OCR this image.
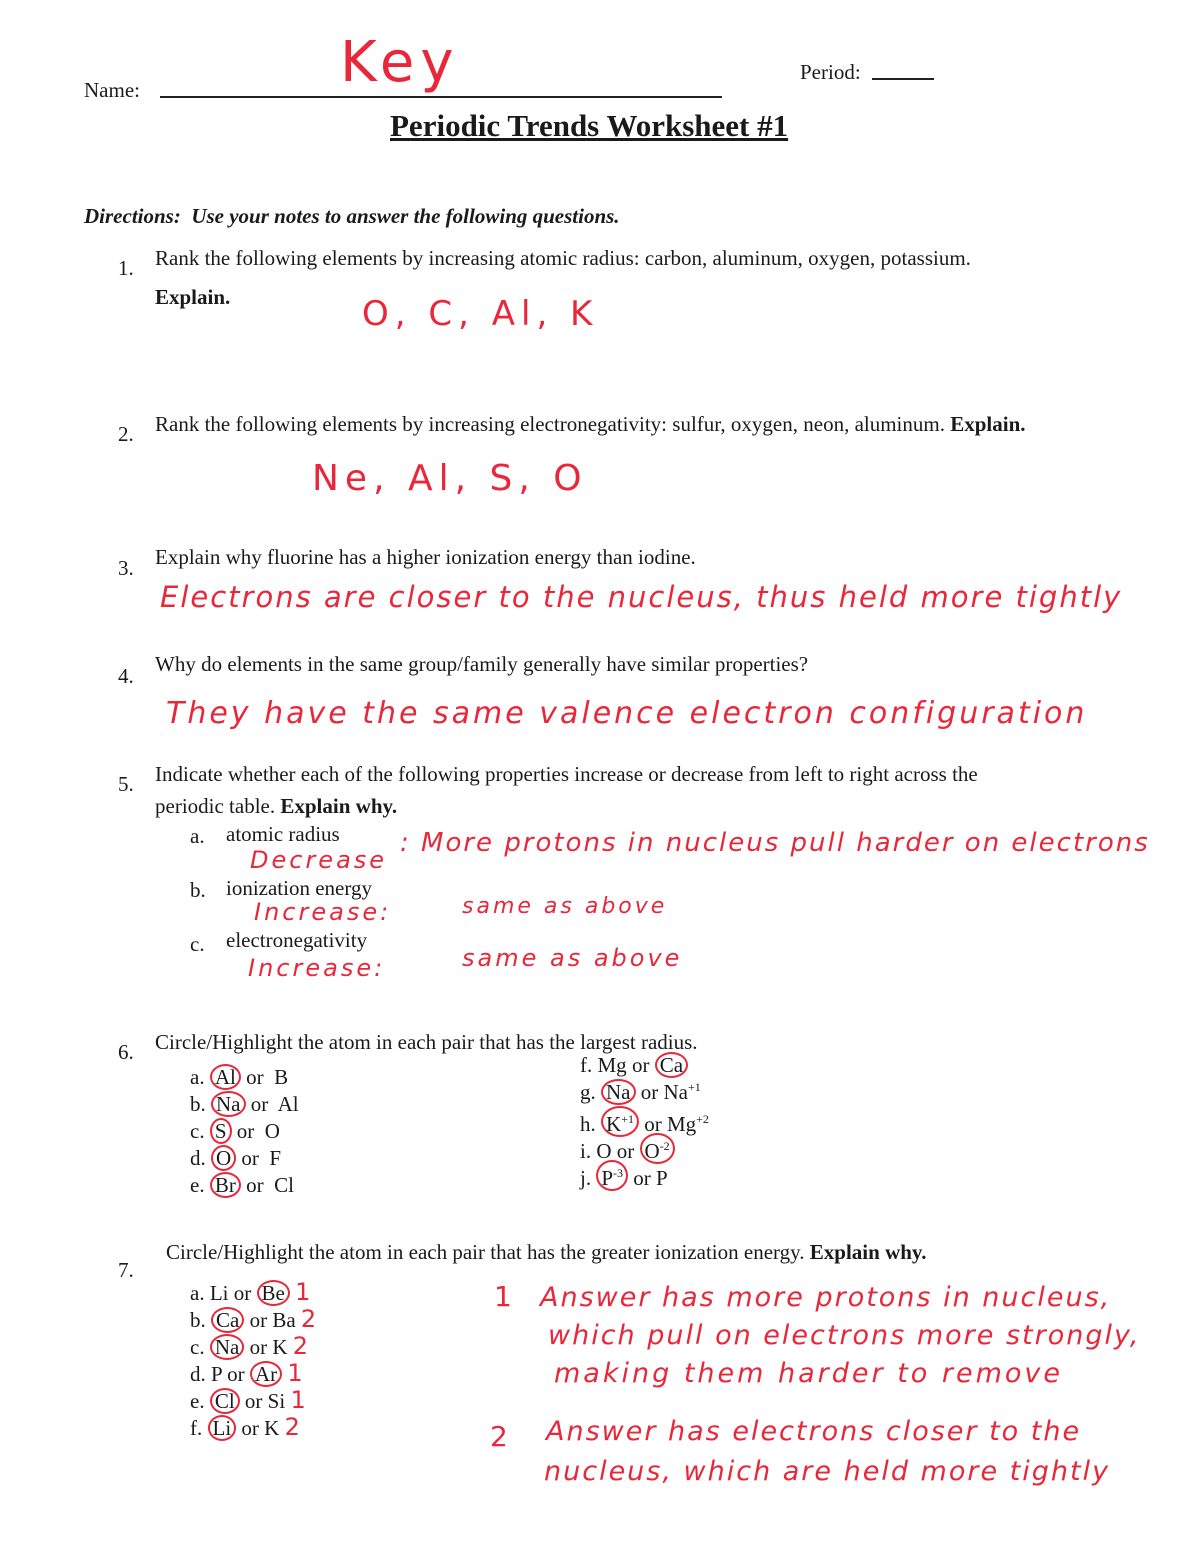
Name:	Key	Period:
Periodic Trends Worksheet #1
Directions: Use your notes to answer the following questions.
1. Rank the following elements by increasing atomic radius: carbon, aluminum, oxygen, potassium.
Explain.	O, C, Al, K
2. Rank the following elements by increasing electronegativity: sulfur, oxygen, neon, aluminum. Explain.
Ne, Al, S, O
3. Explain why fluorine has a higher ionization energy than iodine.
Electrons are closer to the nucleus, thus held more tightly
4. Why do elements in the same group/family generally have similar properties?
They have the same valence electron configuration
5. Indicate whether each of the following properties increase or decrease from left to right across the
periodic table. Explain why.
a. atomic radius
Decrease
: More protons in nucleus pull harder on electrons
b. ionization energy
Increase:	same as above
c. electronegativity
Increase:	same as above
6. Circle/Highlight the atom in each pair that has the largest radius.
a. Al or B
b. Na or Al
c. S or O
d. O or F
e. Br or Cl
f. Mg or Ca
g. Na or $Na^{+1}$
h. $K^{+1}$ or $Mg^{+2}$
i. O or $O^{-2}$
j. $P^{-3}$ or P
7.
Circle/Highlight the atom in each pair that has the greater ionization energy. Explain why.
a. Li or Be 1
b. Ca or Ba 2
c. Na or K 2
d. P or Ar 1
e. Cl or Si 1
f. Li or K 2
1 Answer has more protons in nucleus,
which pull on electrons more strongly,
making them harder to remove
2 Answer has electrons closer to the
nucleus, which are held more tightly
